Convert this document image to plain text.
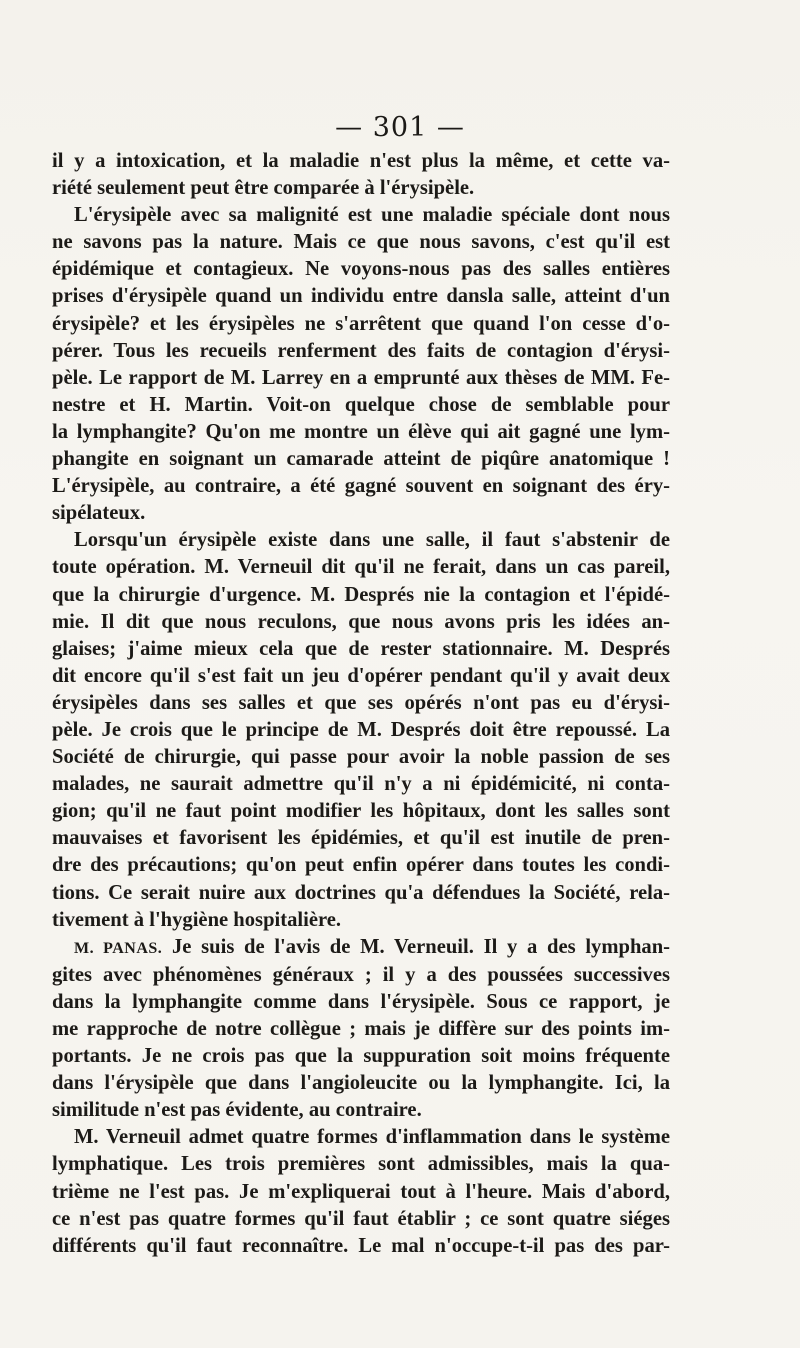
— 301 —
il y a intoxication, et la maladie n'est plus la même, et cette va-
riété seulement peut être comparée à l'érysipèle.
L'érysipèle avec sa malignité est une maladie spéciale dont nous
ne savons pas la nature. Mais ce que nous savons, c'est qu'il est
épidémique et contagieux. Ne voyons-nous pas des salles entières
prises d'érysipèle quand un individu entre dansla salle, atteint d'un
érysipèle? et les érysipèles ne s'arrêtent que quand l'on cesse d'o-
pérer. Tous les recueils renferment des faits de contagion d'érysi-
pèle. Le rapport de M. Larrey en a emprunté aux thèses de MM. Fe-
nestre et H. Martin. Voit-on quelque chose de semblable pour
la lymphangite? Qu'on me montre un élève qui ait gagné une lym-
phangite en soignant un camarade atteint de piqûre anatomique !
L'érysipèle, au contraire, a été gagné souvent en soignant des éry-
sipélateux.
Lorsqu'un érysipèle existe dans une salle, il faut s'abstenir de
toute opération. M. Verneuil dit qu'il ne ferait, dans un cas pareil,
que la chirurgie d'urgence. M. Després nie la contagion et l'épidé-
mie. Il dit que nous reculons, que nous avons pris les idées an-
glaises; j'aime mieux cela que de rester stationnaire. M. Després
dit encore qu'il s'est fait un jeu d'opérer pendant qu'il y avait deux
érysipèles dans ses salles et que ses opérés n'ont pas eu d'érysi-
pèle. Je crois que le principe de M. Després doit être repoussé. La
Société de chirurgie, qui passe pour avoir la noble passion de ses
malades, ne saurait admettre qu'il n'y a ni épidémicité, ni conta-
gion; qu'il ne faut point modifier les hôpitaux, dont les salles sont
mauvaises et favorisent les épidémies, et qu'il est inutile de pren-
dre des précautions; qu'on peut enfin opérer dans toutes les condi-
tions. Ce serait nuire aux doctrines qu'a défendues la Société, rela-
tivement à l'hygiène hospitalière.
M. PANAS. Je suis de l'avis de M. Verneuil. Il y a des lymphan-
gites avec phénomènes généraux ; il y a des poussées successives
dans la lymphangite comme dans l'érysipèle. Sous ce rapport, je
me rapproche de notre collègue ; mais je diffère sur des points im-
portants. Je ne crois pas que la suppuration soit moins fréquente
dans l'érysipèle que dans l'angioleucite ou la lymphangite. Ici, la
similitude n'est pas évidente, au contraire.
M. Verneuil admet quatre formes d'inflammation dans le système
lymphatique. Les trois premières sont admissibles, mais la qua-
trième ne l'est pas. Je m'expliquerai tout à l'heure. Mais d'abord,
ce n'est pas quatre formes qu'il faut établir ; ce sont quatre siéges
différents qu'il faut reconnaître. Le mal n'occupe-t-il pas des par-
